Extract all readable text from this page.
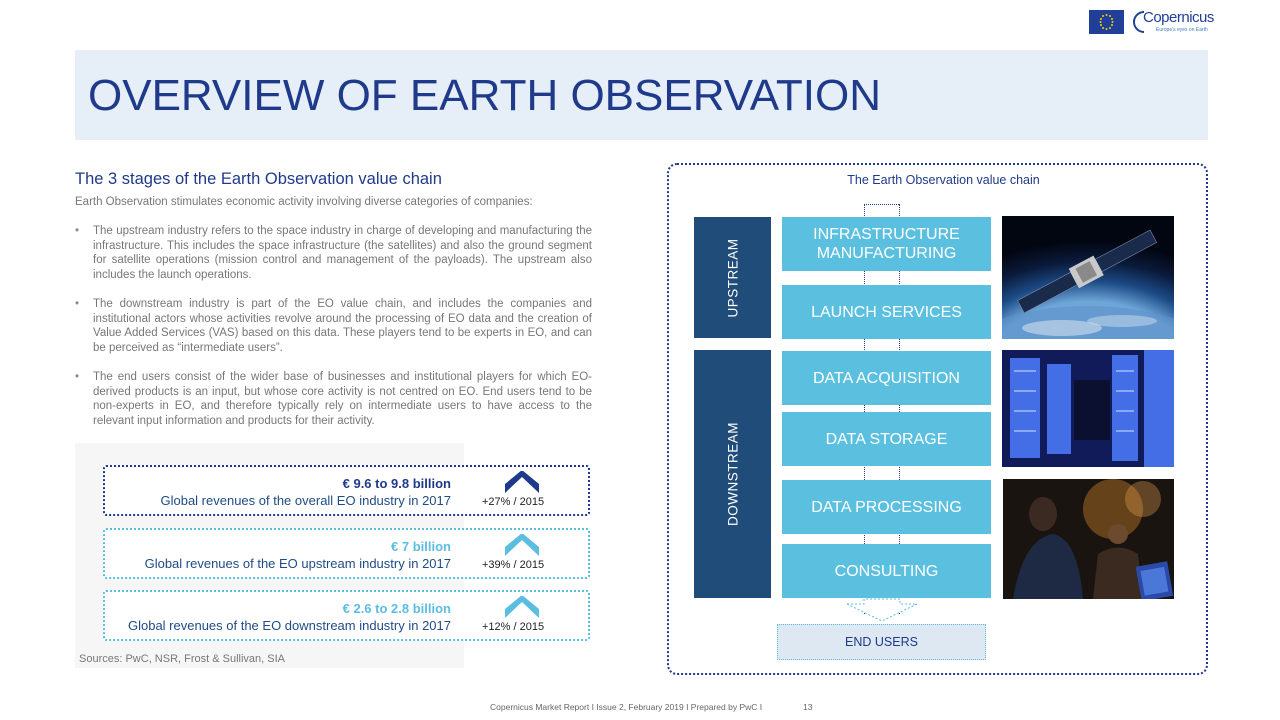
Copernicus
Europe's eyes on Earth
OVERVIEW OF EARTH OBSERVATION
The 3 stages of the Earth Observation value chain
Earth Observation stimulates economic activity involving diverse categories of companies:
• The upstream industry refers to the space industry in charge of developing and manufacturing the infrastructure. This includes the space infrastructure (the satellites) and also the ground segment for satellite operations (mission control and management of the payloads). The upstream also includes the launch operations.
• The downstream industry is part of the EO value chain, and includes the companies and institutional actors whose activities revolve around the processing of EO data and the creation of Value Added Services (VAS) based on this data. These players tend to be experts in EO, and can be perceived as “intermediate users”.
• The end users consist of the wider base of businesses and institutional players for which EO-derived products is an input, but whose core activity is not centred on EO. End users tend to be non-experts in EO, and therefore typically rely on intermediate users to have access to the relevant input information and products for their activity.
€ 9.6 to 9.8 billion
Global revenues of the overall EO industry in 2017	+27% / 2015
€ 7 billion
Global revenues of the EO upstream industry in 2017	+39% / 2015
€ 2.6 to 2.8 billion
Global revenues of the EO downstream industry in 2017	+12% / 2015
Sources: PwC, NSR, Frost & Sullivan, SIA
The Earth Observation value chain
UPSTREAM
DOWNSTREAM
INFRASTRUCTURE MANUFACTURING
LAUNCH SERVICES
DATA ACQUISITION
DATA STORAGE
DATA PROCESSING
CONSULTING
END USERS
Copernicus Market Report I Issue 2, February 2019 I Prepared by PwC I	13
